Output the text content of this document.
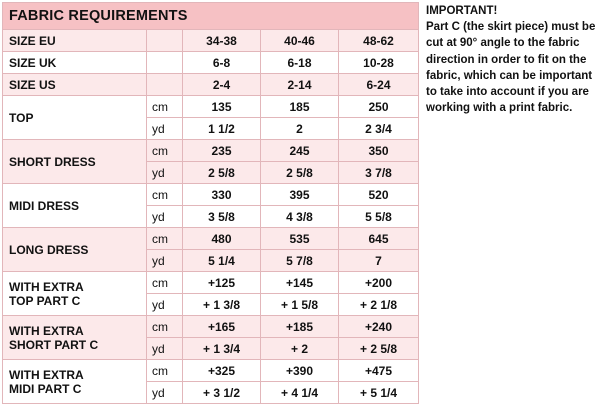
FABRIC REQUIREMENTS				
SIZE EU		34-38	40-46	48-62
SIZE UK		6-8	6-18	10-28
SIZE US		2-4	2-14	6-24
TOP	cm	135	185	250
	yd	1 1/2	2	2 3/4
SHORT DRESS	cm	235	245	350
	yd	2 5/8	2 5/8	3 7/8
MIDI DRESS	cm	330	395	520
	yd	3 5/8	4 3/8	5 5/8
LONG DRESS	cm	480	535	645
	yd	5 1/4	5 7/8	7
WITH EXTRA
TOP PART C	cm	+125	+145	+200
	yd	+ 1 3/8	+ 1 5/8	+ 2 1/8
WITH EXTRA
SHORT PART C	cm	+165	+185	+240
	yd	+ 1 3/4	+ 2	+ 2 5/8
WITH EXTRA
MIDI PART C	cm	+325	+390	+475
	yd	+ 3 1/2	+ 4 1/4	+ 5 1/4

IMPORTANT!

Part C (the skirt piece) must be cut at 90° angle to the fabric direction in order to fit on the fabric, which can be important to take into account if you are working with a print fabric.
